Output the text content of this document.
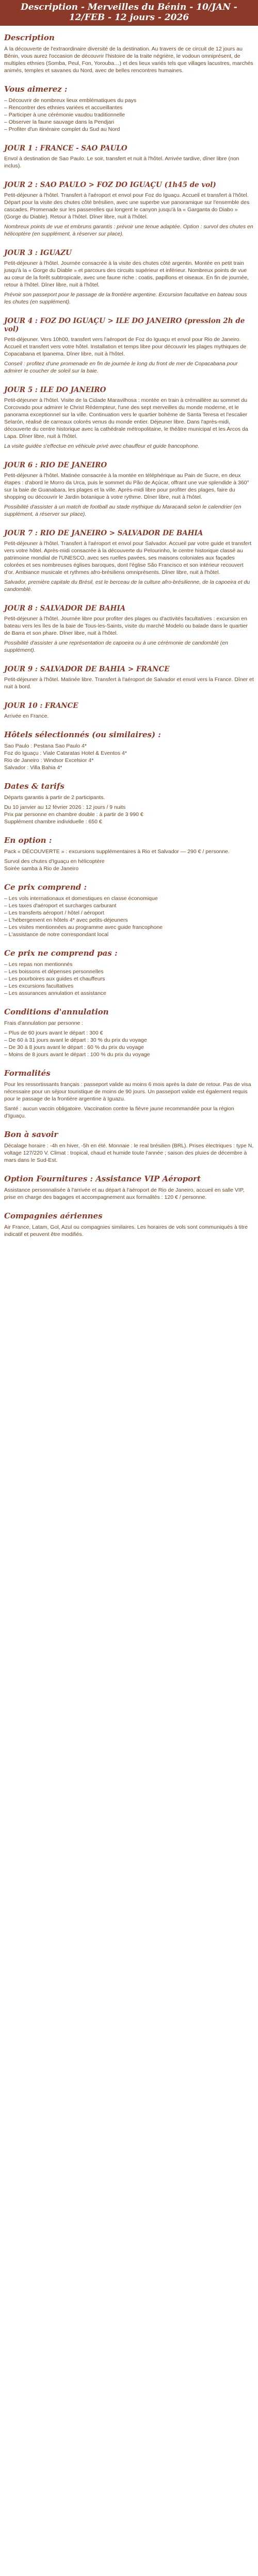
Description - Merveilles du Bénin - 10/JAN - 12/FEB - 12 jours - 2026
Description

À la découverte de l'extraordinaire diversité de la destination. Au travers de ce circuit de 12 jours au Bénin, vous aurez l'occasion de découvrir l'histoire de la traite négrière, le vodoun omniprésent, de multiples ethnies (Somba, Peul, Fon, Yorouba…) et des lieux variés tels que villages lacustres, marchés animés, temples et savanes du Nord, avec de belles rencontres humaines.

Vous aimerez :
– Découvrir de nombreux lieux emblématiques du pays
– Rencontrer des ethnies variées et accueillantes
– Participer à une cérémonie vaudou traditionnelle
– Observer la faune sauvage dans la Pendjari
– Profiter d'un itinéraire complet du Sud au Nord
JOUR 1 : FRANCE - SAO PAULO

Envol à destination de Sao Paulo. Le soir, transfert et nuit à l'hôtel. Arrivée tardive, dîner libre (non inclus).

JOUR 2 : SAO PAULO > FOZ DO IGUAÇU (1h45 de vol)

Petit-déjeuner à l'hôtel. Transfert à l'aéroport et envol pour Foz do Iguaçu. Accueil et transfert à l'hôtel. Départ pour la visite des chutes côté brésilien, avec une superbe vue panoramique sur l'ensemble des cascades. Promenade sur les passerelles qui longent le canyon jusqu'à la « Garganta do Diabo » (Gorge du Diable). Retour à l'hôtel. Dîner libre, nuit à l'hôtel.

Nombreux points de vue et embruns garantis : prévoir une tenue adaptée. Option : survol des chutes en hélicoptère (en supplément, à réserver sur place).

JOUR 3 : IGUAZU

Petit-déjeuner à l'hôtel. Journée consacrée à la visite des chutes côté argentin. Montée en petit train jusqu'à la « Gorge du Diable » et parcours des circuits supérieur et inférieur. Nombreux points de vue au cœur de la forêt subtropicale, avec une faune riche : coatis, papillons et oiseaux. En fin de journée, retour à l'hôtel. Dîner libre, nuit à l'hôtel.

Prévoir son passeport pour le passage de la frontière argentine. Excursion facultative en bateau sous les chutes (en supplément).

JOUR 4 : FOZ DO IGUAÇU > ILE DO JANEIRO (pression 2h de vol)

Petit-déjeuner. Vers 10h00, transfert vers l'aéroport de Foz do Iguaçu et envol pour Rio de Janeiro. Accueil et transfert vers votre hôtel. Installation et temps libre pour découvrir les plages mythiques de Copacabana et Ipanema. Dîner libre, nuit à l'hôtel.

Conseil : profitez d'une promenade en fin de journée le long du front de mer de Copacabana pour admirer le coucher de soleil sur la baie.

JOUR 5 : ILE DO JANEIRO

Petit-déjeuner à l'hôtel. Visite de la Cidade Maravilhosa : montée en train à crémaillère au sommet du Corcovado pour admirer le Christ Rédempteur, l'une des sept merveilles du monde moderne, et le panorama exceptionnel sur la ville. Continuation vers le quartier bohème de Santa Teresa et l'escalier Selarón, réalisé de carreaux colorés venus du monde entier. Déjeuner libre. Dans l'après-midi, découverte du centre historique avec la cathédrale métropolitaine, le théâtre municipal et les Arcos da Lapa. Dîner libre, nuit à l'hôtel.

La visite guidée s'effectue en véhicule privé avec chauffeur et guide francophone.

JOUR 6 : RIO DE JANEIRO

Petit-déjeuner à l'hôtel. Matinée consacrée à la montée en téléphérique au Pain de Sucre, en deux étapes : d'abord le Morro da Urca, puis le sommet du Pão de Açúcar, offrant une vue splendide à 360° sur la baie de Guanabara, les plages et la ville. Après-midi libre pour profiter des plages, faire du shopping ou découvrir le Jardin botanique à votre rythme. Dîner libre, nuit à l'hôtel.

Possibilité d'assister à un match de football au stade mythique du Maracanã selon le calendrier (en supplément, à réserver sur place).

JOUR 7 : RIO DE JANEIRO > SALVADOR DE BAHIA

Petit-déjeuner à l'hôtel. Transfert à l'aéroport et envol pour Salvador. Accueil par votre guide et transfert vers votre hôtel. Après-midi consacrée à la découverte du Pelourinho, le centre historique classé au patrimoine mondial de l'UNESCO, avec ses ruelles pavées, ses maisons coloniales aux façades colorées et ses nombreuses églises baroques, dont l'église São Francisco et son intérieur recouvert d'or. Ambiance musicale et rythmes afro-brésiliens omniprésents. Dîner libre, nuit à l'hôtel.

Salvador, première capitale du Brésil, est le berceau de la culture afro-brésilienne, de la capoeira et du candomblé.

JOUR 8 : SALVADOR DE BAHIA

Petit-déjeuner à l'hôtel. Journée libre pour profiter des plages ou d'activités facultatives : excursion en bateau vers les îles de la baie de Tous-les-Saints, visite du marché Modelo ou balade dans le quartier de Barra et son phare. Dîner libre, nuit à l'hôtel.

Possibilité d'assister à une représentation de capoeira ou à une cérémonie de candomblé (en supplément).

JOUR 9 : SALVADOR DE BAHIA > FRANCE

Petit-déjeuner à l'hôtel. Matinée libre. Transfert à l'aéroport de Salvador et envol vers la France. Dîner et nuit à bord.

JOUR 10 : FRANCE

Arrivée en France.

Hôtels sélectionnés (ou similaires) :
Sao Paulo : Pestana Sao Paulo 4*
Foz do Iguaçu : Viale Cataratas Hotel & Eventos 4*
Rio de Janeiro : Windsor Excelsior 4*
Salvador : Villa Bahia 4*
Dates & tarifs

Départs garantis à partir de 2 participants.

Du 10 janvier au 12 février 2026 : 12 jours / 9 nuits
Prix par personne en chambre double : à partir de 3 990 €
Supplément chambre individuelle : 650 €
En option :

Pack « DÉCOUVERTE » : excursions supplémentaires à Rio et Salvador — 290 € / personne.

Survol des chutes d'Iguaçu en hélicoptère
Soirée samba à Rio de Janeiro
Ce prix comprend :
– Les vols internationaux et domestiques en classe économique
– Les taxes d'aéroport et surcharges carburant
– Les transferts aéroport / hôtel / aéroport
– L'hébergement en hôtels 4* avec petits-déjeuners
– Les visites mentionnées au programme avec guide francophone
– L'assistance de notre correspondant local
Ce prix ne comprend pas :
– Les repas non mentionnés
– Les boissons et dépenses personnelles
– Les pourboires aux guides et chauffeurs
– Les excursions facultatives
– Les assurances annulation et assistance
Conditions d'annulation

Frais d'annulation par personne :

– Plus de 60 jours avant le départ : 300 €
– De 60 à 31 jours avant le départ : 30 % du prix du voyage
– De 30 à 8 jours avant le départ : 60 % du prix du voyage
– Moins de 8 jours avant le départ : 100 % du prix du voyage
Formalités

Pour les ressortissants français : passeport valide au moins 6 mois après la date de retour. Pas de visa nécessaire pour un séjour touristique de moins de 90 jours. Un passeport valide est également requis pour le passage de la frontière argentine à Iguazu.

Santé : aucun vaccin obligatoire. Vaccination contre la fièvre jaune recommandée pour la région d'Iguaçu.

Bon à savoir

Décalage horaire : -4h en hiver, -5h en été. Monnaie : le real brésilien (BRL). Prises électriques : type N, voltage 127/220 V. Climat : tropical, chaud et humide toute l'année ; saison des pluies de décembre à mars dans le Sud-Est.

Option Fournitures : Assistance VIP Aéroport

Assistance personnalisée à l'arrivée et au départ à l'aéroport de Rio de Janeiro, accueil en salle VIP, prise en charge des bagages et accompagnement aux formalités : 120 € / personne.

Compagnies aériennes

Air France, Latam, Gol, Azul ou compagnies similaires. Les horaires de vols sont communiqués à titre indicatif et peuvent être modifiés.
